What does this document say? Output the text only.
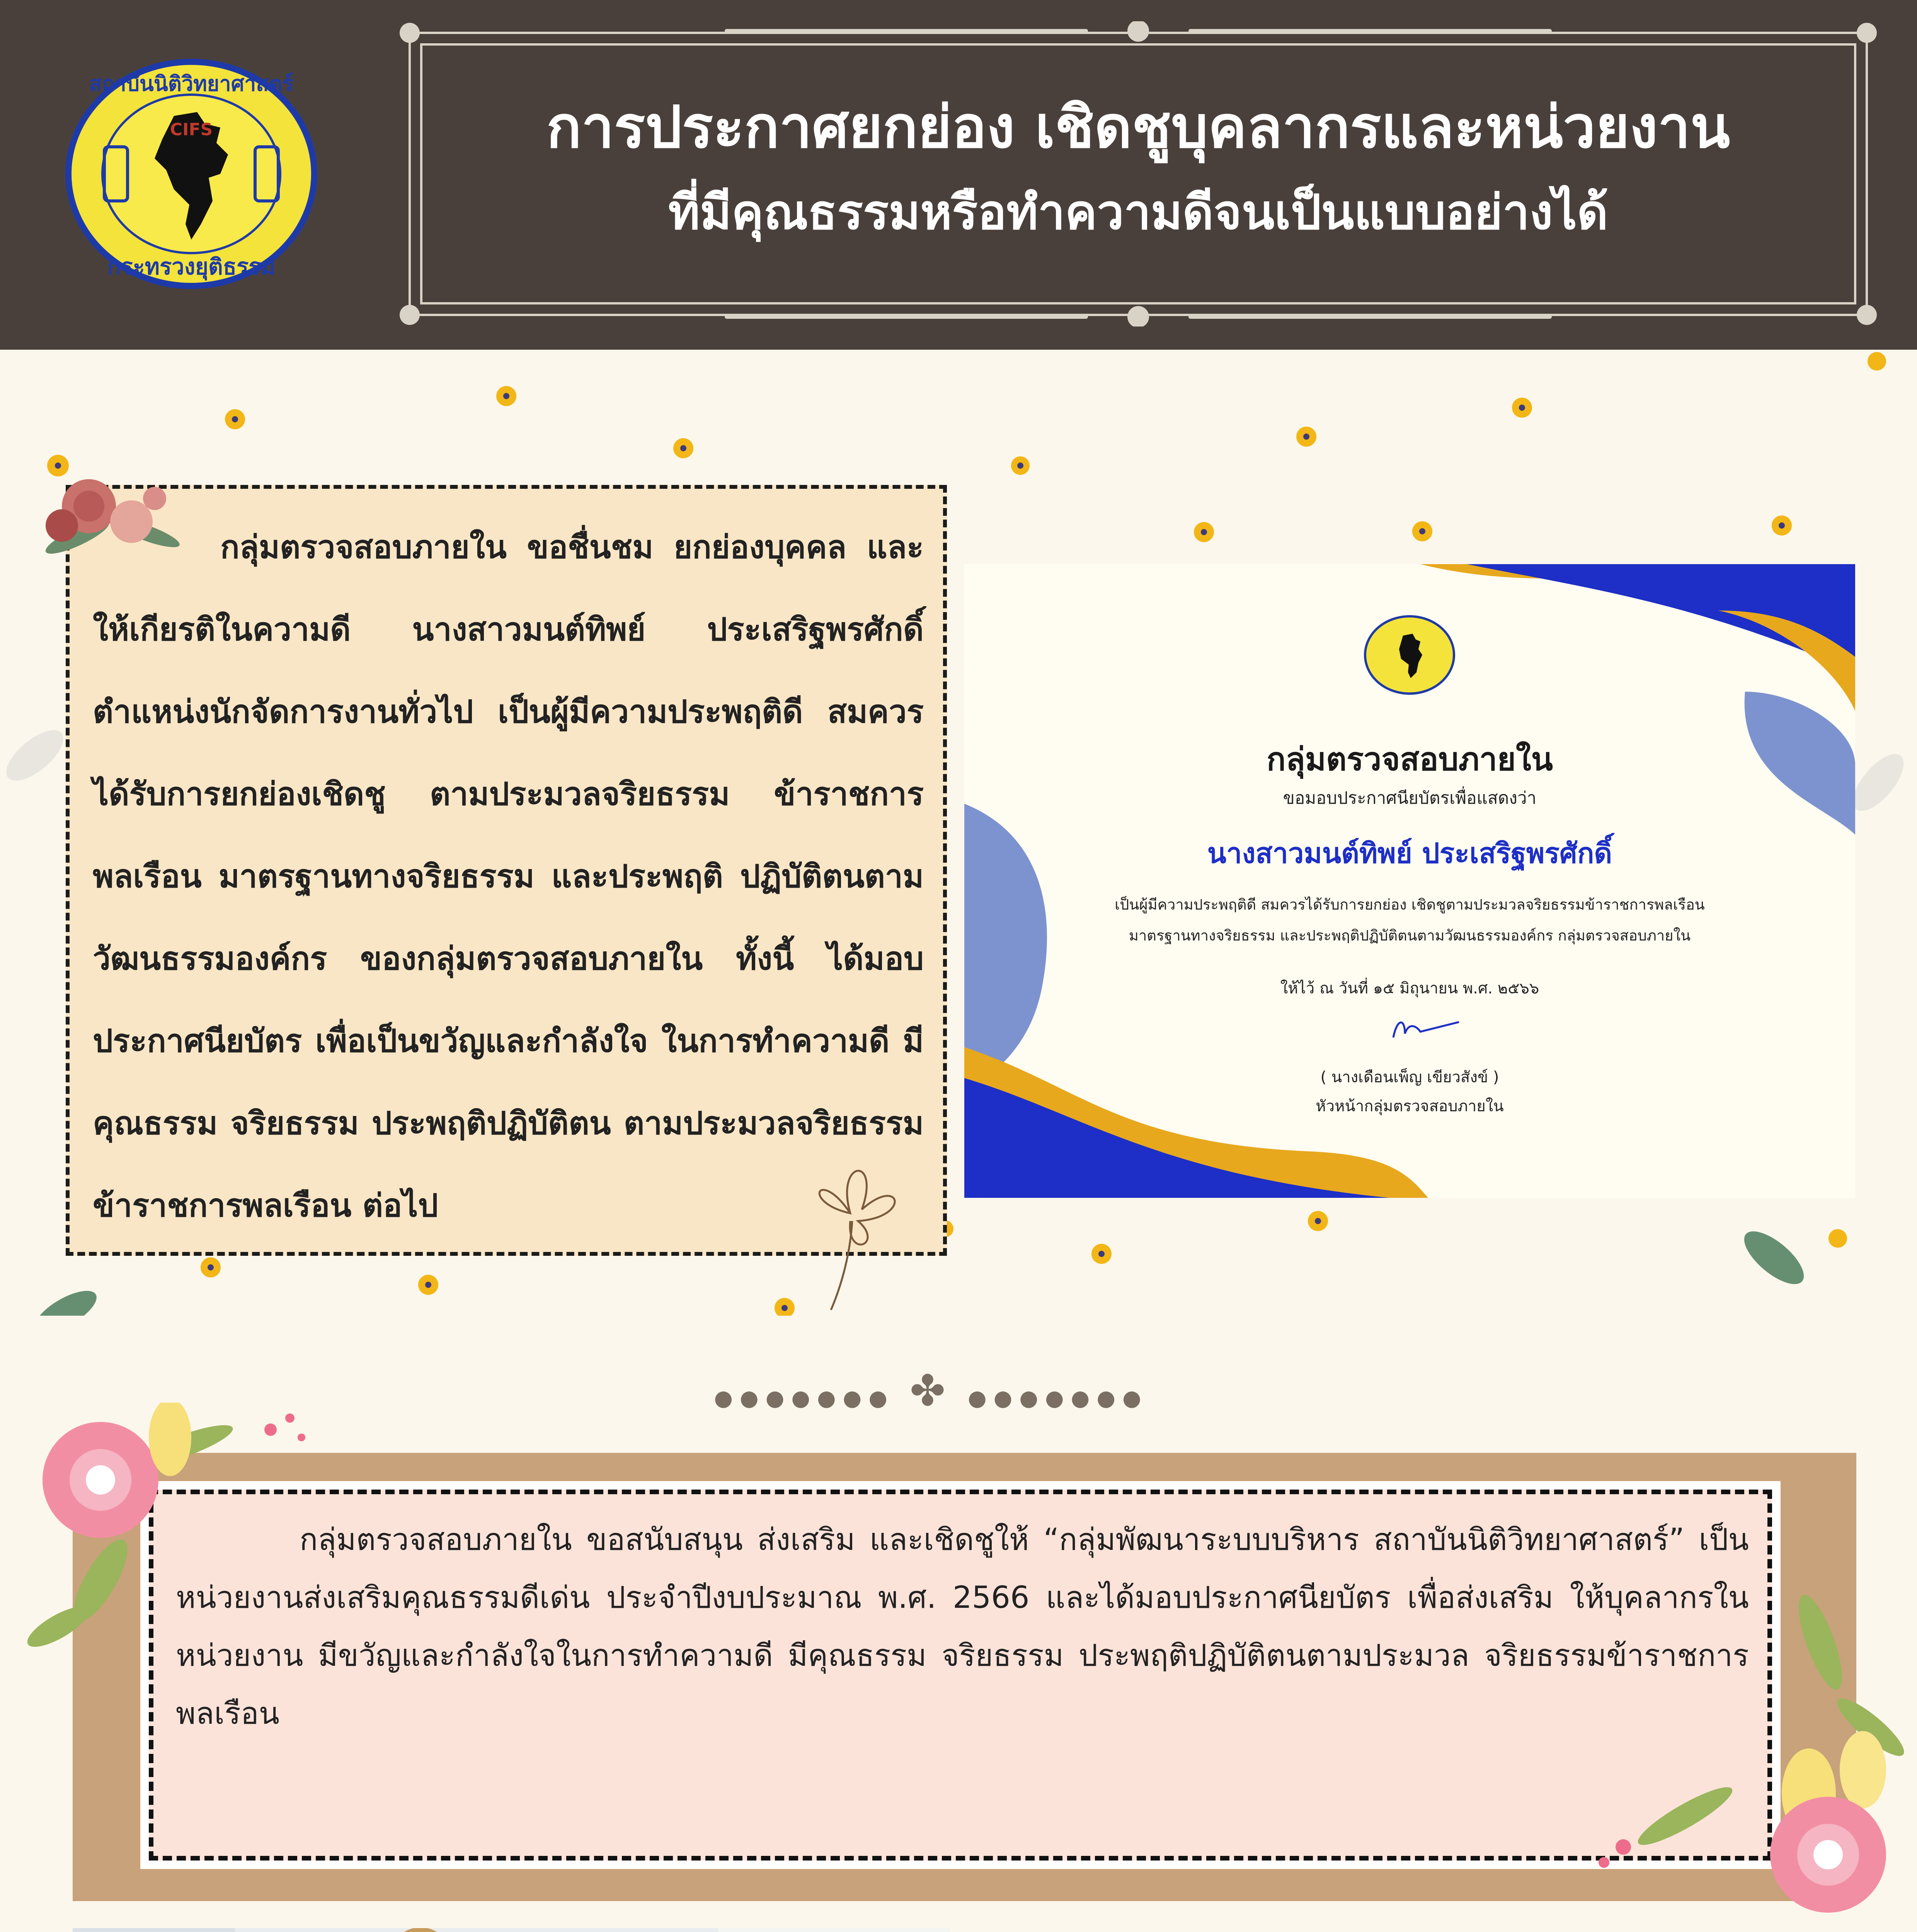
สถาบันนิติวิทยาศาสตร์
CIFS
กระทรวงยุติธรรม
การประกาศยกย่อง เชิดชูบุคลากรและหน่วยงาน
ที่มีคุณธรรมหรือทำความดีจนเป็นแบบอย่างได้
กลุ่มตรวจสอบภายใน ขอชื่นชม ยกย่องบุคคล และให้เกียรติในความดี นางสาวมนต์ทิพย์ ประเสริฐพรศักดิ์ ตำแหน่งนักจัดการงานทั่วไป เป็นผู้มีความประพฤติดี สมควรได้รับการยกย่องเชิดชู ตามประมวลจริยธรรม ข้าราชการพลเรือน มาตรฐานทางจริยธรรม และประพฤติ ปฏิบัติตนตามวัฒนธรรมองค์กร ของกลุ่มตรวจสอบภายใน ทั้งนี้ ได้มอบประกาศนียบัตร เพื่อเป็นขวัญและกำลังใจ ในการทำความดี มีคุณธรรม จริยธรรม ประพฤติปฏิบัติตน ตามประมวลจริยธรรมข้าราชการพลเรือน ต่อไป
กลุ่มตรวจสอบภายใน
ขอมอบประกาศนียบัตรเพื่อแสดงว่า
นางสาวมนต์ทิพย์ ประเสริฐพรศักดิ์
เป็นผู้มีความประพฤติดี สมควรได้รับการยกย่อง เชิดชูตามประมวลจริยธรรมข้าราชการพลเรือน
มาตรฐานทางจริยธรรม และประพฤติปฏิบัติตนตามวัฒนธรรมองค์กร กลุ่มตรวจสอบภายใน
ให้ไว้ ณ วันที่ ๑๕ มิถุนายน พ.ศ. ๒๕๖๖
( นางเดือนเพ็ญ เขียวสังข์ )
หัวหน้ากลุ่มตรวจสอบภายใน
● ● ● ● ● ● ● ✤ ● ● ● ● ● ● ●
กลุ่มตรวจสอบภายใน ขอสนับสนุน ส่งเสริม และเชิดชูให้ “กลุ่มพัฒนาระบบบริหาร สถาบันนิติวิทยาศาสตร์” เป็นหน่วยงานส่งเสริมคุณธรรมดีเด่น ประจำปีงบประมาณ พ.ศ. 2566 และได้มอบประกาศนียบัตร เพื่อส่งเสริม ให้บุคลากรในหน่วยงาน มีขวัญและกำลังใจในการทำความดี มีคุณธรรม จริยธรรม ประพฤติปฏิบัติตนตามประมวล จริยธรรมข้าราชการพลเรือน
